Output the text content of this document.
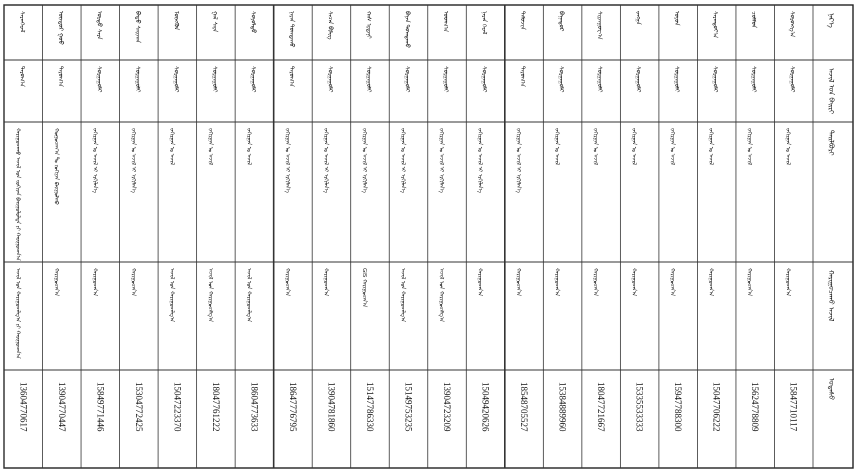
ᠨᠡᠷ᠎ᠡ
ᠠᠵᠢᠯ ᠤᠨ ᠪᠠᠢᠷᠢ
ᠲᠠᠢᠯᠪᠤᠷᠢ
ᠬᠠᠷᠢᠭᠤᠴᠠᠬᠤ ᠠᠵᠢᠯ
ᠤᠳᠠᠰᠤ
ᠰᠠᠷᠠᠨᠭᠡᠷᠡᠯ
ᠳᠠᠷᠤᠭ᠎ᠠ
ᠬᠠᠷᠢᠭᠤᠴᠠᠬᠤ ᠠᠵᠢᠯ ᠤᠨ ᠵᠣᠬᠢᠶᠠᠨ ᠪᠠᠢᠭᠤᠯᠤᠯᠲᠠ ᠶᠢ ᠬᠠᠷᠢᠭᠤᠴᠠᠨ᠎ᠠ
ᠠᠵᠢᠯ ᠤᠨ ᠬᠠᠷᠢᠭᠤᠴᠠᠯᠭ᠎ᠠ ᠶᠢ ᠬᠠᠷᠢᠭᠤᠴᠠᠨ᠎ᠠ
13604770617
ᠦᠨᠳᠦᠷ ᠭᠣᠤ
ᠳᠠᠷᠤᠭ᠎ᠠ
ᠬᠤᠭᠤᠴᠠᠭ᠎ᠠ ᠲᠤ ᠵᠣᠬᠢᠶᠠᠨ ᠪᠠᠢᠭᠤᠯᠬᠤ
ᠬᠠᠷᠢᠭᠤᠴᠠᠨ᠎ᠠ
13904770447
ᠤᠷᠲᠤ ᠰᠠᠷᠠ
ᠰᠤᠷᠭᠠᠭᠤᠯᠢ
ᠵᠠᠬᠢᠷᠭᠠᠨ ᠤ ᠠᠵᠢᠯ ᠢ ᠡᠷᠬᠢᠯᠡᠨ᠎ᠡ
ᠬᠠᠷᠢᠭᠤᠴᠠᠨ᠎ᠠ
15849771446
ᠪᠠᠲᠤ ᠰᠠᠢᠬᠠᠨ
ᠰᠤᠷᠭᠠᠭᠤᠯᠢ
ᠵᠠᠬᠢᠷᠭᠠᠨ ᠤ ᠠᠵᠢᠯ ᠢ ᠡᠷᠬᠢᠯᠡᠨ᠎ᠡ
ᠬᠠᠷᠢᠭᠤᠴᠠᠨ᠎ᠠ
15304772425
ᠮᠥᠩᠭᠥᠨ
ᠰᠤᠷᠭᠠᠭᠤᠯᠢ
ᠵᠠᠬᠢᠷᠭᠠᠨ ᠤ ᠠᠵᠢᠯ
ᠠᠵᠢᠯ ᠤᠨ ᠬᠠᠷᠢᠭᠤᠴᠠᠯᠭ᠎ᠠ
15047223370
ᠭᠠᠯ ᠰᠠᠷᠠ
ᠰᠤᠷᠭᠠᠭᠤᠯᠢ
ᠵᠠᠬᠢᠷᠭᠠᠨ ᠤ ᠠᠵᠢᠯ
ᠠᠵᠢᠯ ᠤᠨ ᠬᠠᠷᠢᠭᠤᠴᠠᠯᠭ᠎ᠠ
18047761222
ᠰᠤᠶᠤᠯᠲᠤ
ᠰᠤᠷᠭᠠᠭᠤᠯᠢ
ᠵᠠᠬᠢᠷᠭᠠᠨ ᠤ ᠠᠵᠢᠯ
ᠠᠵᠢᠯ ᠤᠨ ᠬᠠᠷᠢᠭᠤᠴᠠᠯᠭ᠎ᠠ
18604773633
ᠨᠠᠷᠠᠨ ᠲᠣᠭᠲᠠᠬᠤ
ᠳᠠᠷᠤᠭ᠎ᠠ
ᠵᠠᠬᠢᠷᠭᠠᠨ ᠤ ᠠᠵᠢᠯ ᠢ ᠡᠷᠬᠢᠯᠡᠨ᠎ᠡ
ᠬᠠᠷᠢᠭᠤᠴᠠᠨ᠎ᠠ
18647776795
ᠰᠡᠴᠡᠨ ᠪᠢᠯᠢᠭ
ᠰᠤᠷᠭᠠᠭᠤᠯᠢ
ᠵᠠᠬᠢᠷᠭᠠᠨ ᠤ ᠠᠵᠢᠯ ᠢ ᠡᠷᠬᠢᠯᠡᠨ᠎ᠡ
ᠬᠠᠷᠢᠭᠤᠴᠠᠨ᠎ᠠ
13904781860
ᠬᠠᠰ ᠡᠷᠳᠡᠨᠢ
ᠰᠤᠷᠭᠠᠭᠤᠯᠢ
ᠵᠠᠬᠢᠷᠭᠠᠨ ᠤ ᠠᠵᠢᠯ ᠢ ᠡᠷᠬᠢᠯᠡᠨ᠎ᠡ
GIS ᠬᠠᠷᠢᠭᠤᠴᠠᠨ᠎ᠠ
15147786330
ᠪᠠᠶᠠᠨ ᠲᠣᠭᠲᠠᠬᠤ
ᠰᠤᠷᠭᠠᠭᠤᠯᠢ
ᠵᠠᠬᠢᠷᠭᠠᠨ ᠤ ᠠᠵᠢᠯ ᠢ ᠡᠷᠬᠢᠯᠡᠨ᠎ᠡ
ᠠᠵᠢᠯ ᠤᠨ ᠬᠠᠷᠢᠭᠤᠴᠠᠯᠭ᠎ᠠ
15149753235
ᠤᠳᠬ᠎ᠠ
ᠰᠤᠷᠭᠠᠭᠤᠯᠢ
ᠵᠠᠬᠢᠷᠭᠠᠨ ᠤ ᠠᠵᠢᠯ ᠢ ᠡᠷᠬᠢᠯᠡᠨ᠎ᠡ
ᠠᠵᠢᠯ ᠤᠨ ᠬᠠᠷᠢᠭᠤᠴᠠᠯᠭ᠎ᠠ
13904723209
ᠨᠠᠷᠠᠨ ᠭᠡᠷᠡᠯ
ᠰᠤᠷᠭᠠᠭᠤᠯᠢ
ᠵᠠᠬᠢᠷᠭᠠᠨ ᠤ ᠠᠵᠢᠯ ᠢ ᠡᠷᠬᠢᠯᠡᠨ᠎ᠡ
ᠬᠠᠷᠢᠭᠤᠴᠠᠨ᠎ᠠ
15049420626
ᠲᠡᠮᠦᠵᠢᠨ
ᠳᠠᠷᠤᠭ᠎ᠠ
ᠵᠠᠬᠢᠷᠭᠠᠨ ᠤ ᠠᠵᠢᠯ ᠢ ᠡᠷᠬᠢᠯᠡᠨ᠎ᠡ
ᠬᠠᠷᠢᠭᠤᠴᠠᠨ᠎ᠠ
18548705527
ᠪᠠᠭᠠᠲᠤᠷ
ᠰᠤᠷᠭᠠᠭᠤᠯᠢ
ᠵᠠᠬᠢᠷᠭᠠᠨ ᠤ ᠠᠵᠢᠯ
ᠬᠠᠷᠢᠭᠤᠴᠠᠨ᠎ᠠ
15384889960
ᠰᠢᠷᠠᠨᠭᠤᠸ᠎ᠠ
ᠰᠤᠷᠭᠠᠭᠤᠯᠢ
ᠵᠠᠬᠢᠷᠭᠠᠨ ᠤ ᠠᠵᠢᠯ
ᠬᠠᠷᠢᠭᠤᠴᠠᠨ᠎ᠠ
18047721667
ᠵᠠᠩᠭᠠ
ᠰᠤᠷᠭᠠᠭᠤᠯᠢ
ᠵᠠᠬᠢᠷᠭᠠᠨ ᠤ ᠠᠵᠢᠯ
ᠬᠠᠷᠢᠭᠤᠴᠠᠨ᠎ᠠ
15335533333
ᠣᠶᠤᠨ
ᠰᠤᠷᠭᠠᠭᠤᠯᠢ
ᠵᠠᠬᠢᠷᠭᠠᠨ ᠤ ᠠᠵᠢᠯ
ᠬᠠᠷᠢᠭᠤᠴᠠᠨ᠎ᠠ
15947788300
ᠰᠠᠷᠠᠨᠲᠣᠶ᠎ᠠ
ᠰᠤᠷᠭᠠᠭᠤᠯᠢ
ᠵᠠᠬᠢᠷᠭᠠᠨ ᠤ ᠠᠵᠢᠯ
ᠬᠠᠷᠢᠭᠤᠴᠠᠨ᠎ᠠ
15047706222
ᠴᠣᠯᠮᠤᠨ
ᠰᠤᠷᠭᠠᠭᠤᠯᠢ
ᠵᠠᠬᠢᠷᠭᠠᠨ ᠤ ᠠᠵᠢᠯ
ᠬᠠᠷᠢᠭᠤᠴᠠᠨ᠎ᠠ
15624778809
ᠰᠤᠷᠤᠩᠭ᠎ᠠ
ᠰᠤᠷᠭᠠᠭᠤᠯᠢ
ᠵᠠᠬᠢᠷᠭᠠᠨ ᠤ ᠠᠵᠢᠯ
ᠬᠠᠷᠢᠭᠤᠴᠠᠨ᠎ᠠ
15847710117
